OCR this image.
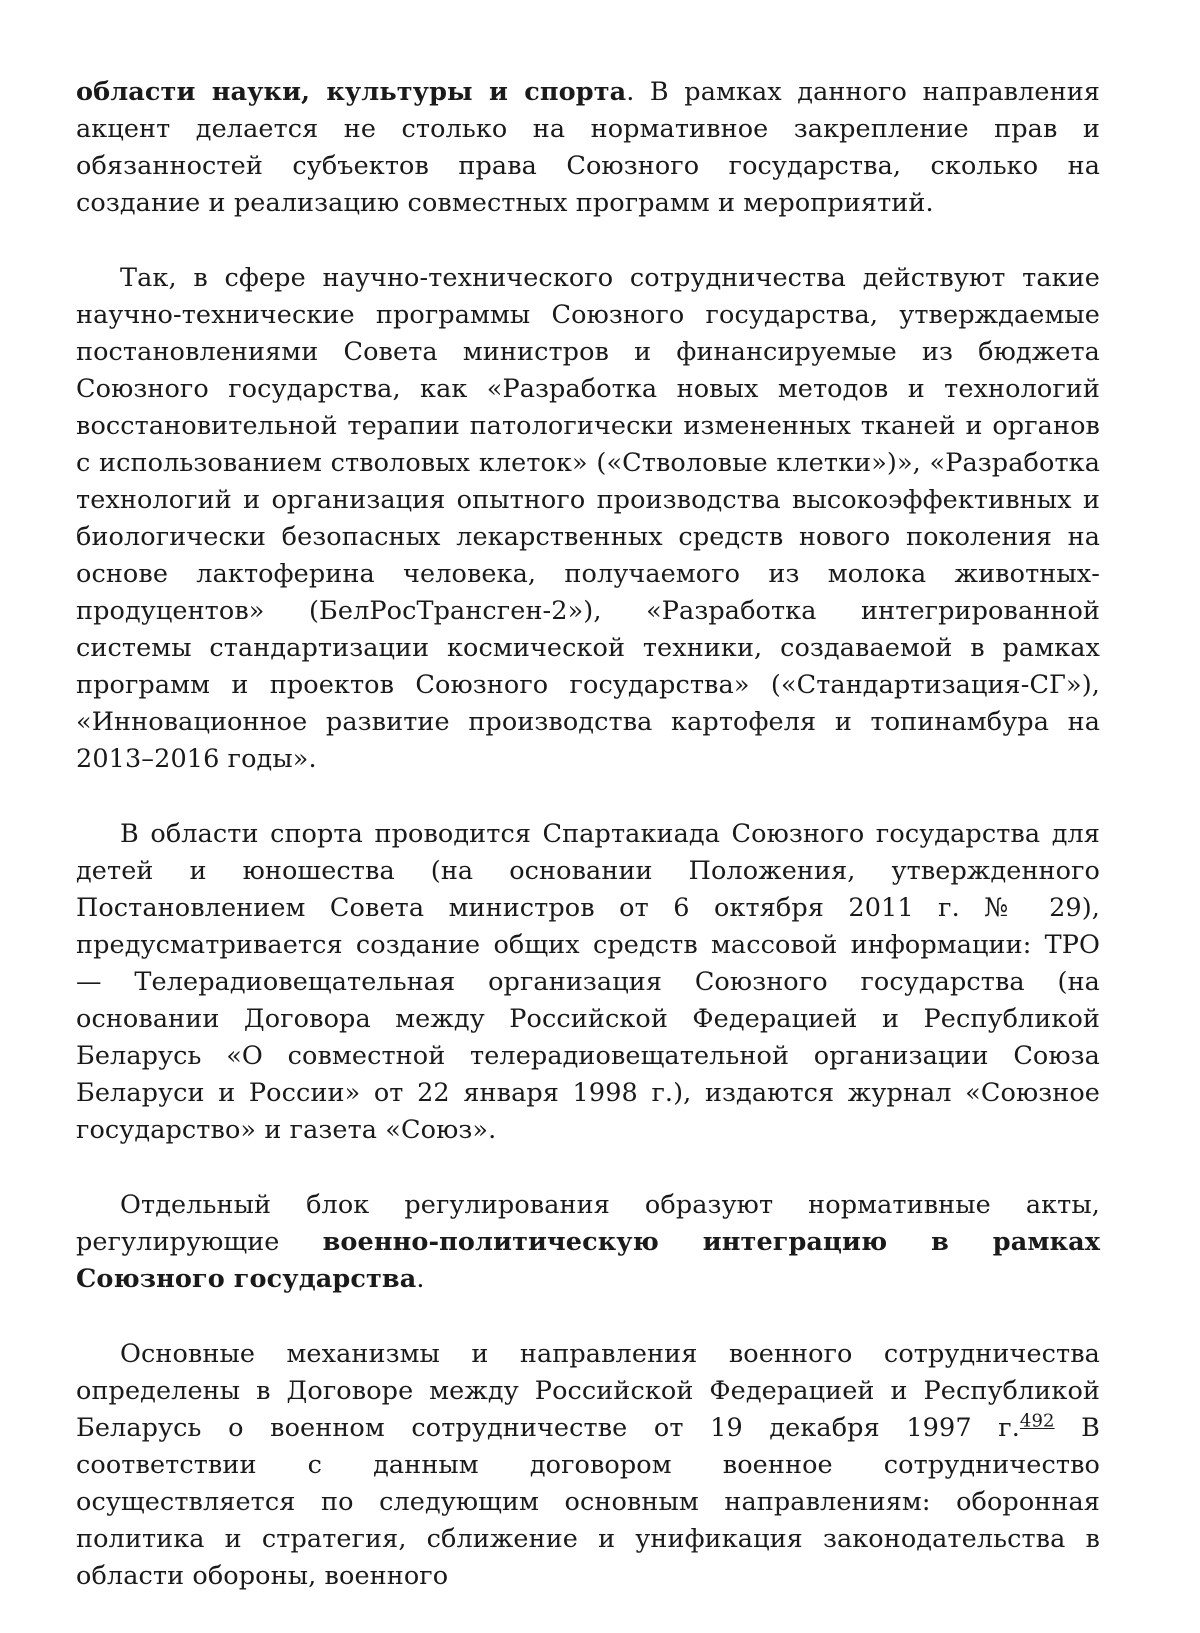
области науки, культуры и спорта. В рамках данного направления акцент делается не столько на нормативное закрепление прав и обязанностей субъектов права Союзного государства, сколько на создание и реализацию совместных программ и мероприятий.

Так, в сфере научно-технического сотрудничества действуют такие научно-технические программы Союзного государства, утверждаемые постановлениями Совета министров и финансируемые из бюджета Союзного государства, как «Разработка новых методов и технологий восстановительной терапии патологически измененных тканей и органов с использованием стволовых клеток» («Стволовые клетки»)», «Разработка технологий и организация опытного производства высокоэффективных и биологически безопасных лекарственных средств нового поколения на основе лактоферина человека, получаемого из молока животных-продуцентов» (БелРосТрансген-2»), «Разработка интегрированной системы стандартизации космической техники, создаваемой в рамках программ и проектов Союзного государства» («Стандартизация-СГ»), «Инновационное развитие производства картофеля и топинамбура на 2013–2016 годы».

В области спорта проводится Спартакиада Союзного государства для детей и юношества (на основании Положения, утвержденного Постановлением Совета министров от 6 октября 2011 г. № 29), предусматривается создание общих средств массовой информации: ТРО — Телерадиовещательная организация Союзного государства (на основании Договора между Российской Федерацией и Республикой Беларусь «О совместной телерадиовещательной организации Союза Беларуси и России» от 22 января 1998 г.), издаются журнал «Союзное государство» и газета «Союз».

Отдельный блок регулирования образуют нормативные акты, регулирующие военно-политическую интеграцию в рамках Союзного государства.

Основные механизмы и направления военного сотрудничества определены в Договоре между Российской Федерацией и Республикой Беларусь о военном сотрудничестве от 19 декабря 1997 г.$^{492}$ В соответствии с данным договором военное сотрудничество осуществляется по следующим основным направлениям: оборонная политика и стратегия, сближение и унификация законодательства в области обороны, военного
